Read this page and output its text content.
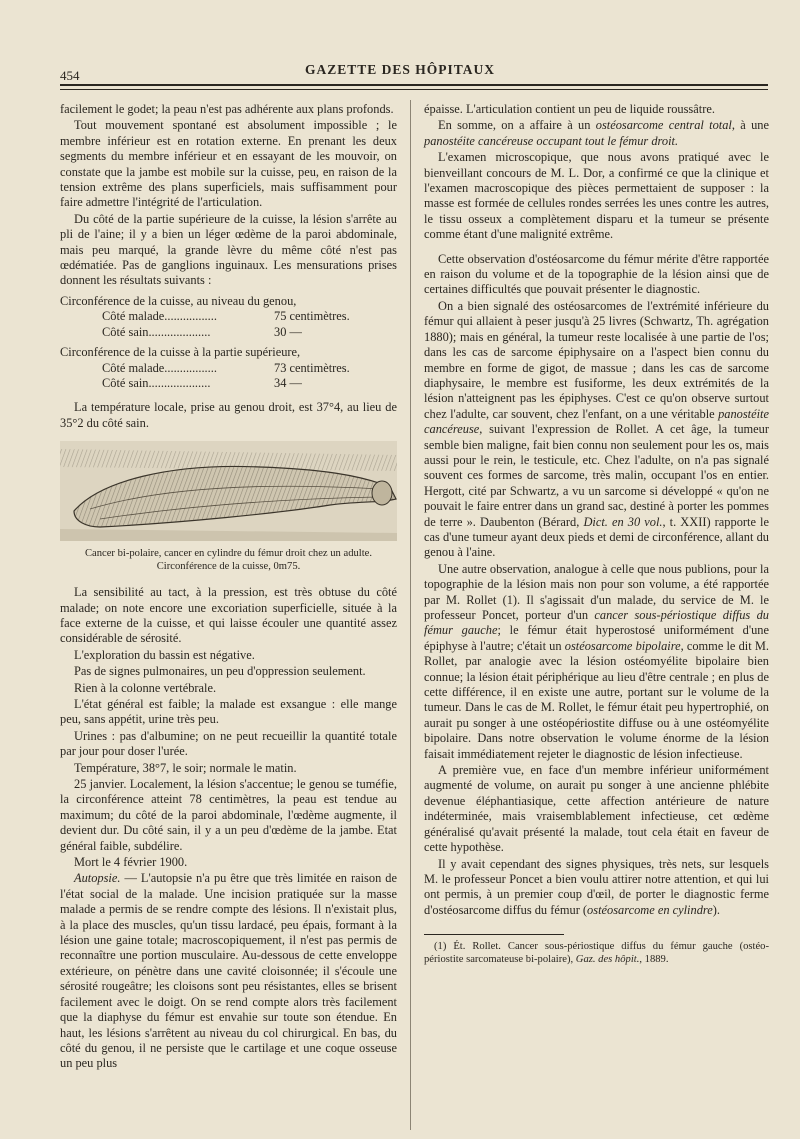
454	GAZETTE DES HÔPITAUX

facilement le godet; la peau n'est pas adhérente aux plans profonds.

Tout mouvement spontané est absolument impossible ; le membre inférieur est en rotation externe. En prenant les deux segments du membre inférieur et en essayant de les mouvoir, on constate que la jambe est mobile sur la cuisse, peu, en raison de la tension extrême des plans superficiels, mais suffisamment pour faire admettre l'intégrité de l'articulation.

Du côté de la partie supérieure de la cuisse, la lésion s'arrête au pli de l'aine; il y a bien un léger œdème de la paroi abdominale, mais peu marqué, la grande lèvre du même côté n'est pas œdématiée. Pas de ganglions inguinaux. Les mensurations prises donnent les résultats suivants :

Circonférence de la cuisse, au niveau du genou,

Côté malade.................	75 centimètres.
Côté sain....................	30 —

Circonférence de la cuisse à la partie supérieure,

Côté malade.................	73 centimètres.
Côté sain....................	34 —

La température locale, prise au genou droit, est 37°4, au lieu de 35°2 du côté sain.

Cancer bi-polaire, cancer en cylindre du fémur droit chez un adulte.
Circonférence de la cuisse, 0m75.

La sensibilité au tact, à la pression, est très obtuse du côté malade; on note encore une excoriation superficielle, située à la face externe de la cuisse, et qui laisse écouler une quantité assez considérable de sérosité.

L'exploration du bassin est négative.

Pas de signes pulmonaires, un peu d'oppression seulement.

Rien à la colonne vertébrale.

L'état général est faible; la malade est exsangue : elle mange peu, sans appétit, urine très peu.

Urines : pas d'albumine; on ne peut recueillir la quantité totale par jour pour doser l'urée.

Température, 38°7, le soir; normale le matin.

25 janvier. Localement, la lésion s'accentue; le genou se tuméfie, la circonférence atteint 78 centimètres, la peau est tendue au maximum; du côté de la paroi abdominale, l'œdème augmente, il devient dur. Du côté sain, il y a un peu d'œdème de la jambe. Etat général faible, subdélire.

Mort le 4 février 1900.

Autopsie. — L'autopsie n'a pu être que très limitée en raison de l'état social de la malade. Une incision pratiquée sur la masse malade a permis de se rendre compte des lésions. Il n'existait plus, à la place des muscles, qu'un tissu lardacé, peu épais, formant à la lésion une gaine totale; macroscopiquement, il n'est pas permis de reconnaître une portion musculaire. Au-dessous de cette enveloppe extérieure, on pénètre dans une cavité cloisonnée; il s'écoule une sérosité rougeâtre; les cloisons sont peu résistantes, elles se brisent facilement avec le doigt. On se rend compte alors très facilement que la diaphyse du fémur est envahie sur toute son étendue. En haut, les lésions s'arrêtent au niveau du col chirurgical. En bas, du côté du genou, il ne persiste que le cartilage et une coque osseuse un peu plus

épaisse. L'articulation contient un peu de liquide roussâtre.

En somme, on a affaire à un ostéosarcome central total, à une panostéite cancéreuse occupant tout le fémur droit.

L'examen microscopique, que nous avons pratiqué avec le bienveillant concours de M. L. Dor, a confirmé ce que la clinique et l'examen macroscopique des pièces permettaient de supposer : la masse est formée de cellules rondes serrées les unes contre les autres, le tissu osseux a complètement disparu et la tumeur se présente comme étant d'une malignité extrême.

Cette observation d'ostéosarcome du fémur mérite d'être rapportée en raison du volume et de la topographie de la lésion ainsi que de certaines difficultés que pouvait présenter le diagnostic.

On a bien signalé des ostéosarcomes de l'extrémité inférieure du fémur qui allaient à peser jusqu'à 25 livres (Schwartz, Th. agrégation 1880); mais en général, la tumeur reste localisée à une partie de l'os; dans les cas de sarcome épiphysaire on a l'aspect bien connu du membre en forme de gigot, de massue ; dans les cas de sarcome diaphysaire, le membre est fusiforme, les deux extrémités de la lésion n'atteignent pas les épiphyses. C'est ce qu'on observe surtout chez l'adulte, car souvent, chez l'enfant, on a une véritable panostéite cancéreuse, suivant l'expression de Rollet. A cet âge, la tumeur semble bien maligne, fait bien connu non seulement pour les os, mais aussi pour le rein, le testicule, etc. Chez l'adulte, on n'a pas signalé souvent ces formes de sarcome, très malin, occupant l'os en entier. Hergott, cité par Schwartz, a vu un sarcome si développé « qu'on ne pouvait le faire entrer dans un grand sac, destiné à porter les pommes de terre ». Daubenton (Bérard, Dict. en 30 vol., t. XXII) rapporte le cas d'une tumeur ayant deux pieds et demi de circonférence, allant du genou à l'aine.

Une autre observation, analogue à celle que nous publions, pour la topographie de la lésion mais non pour son volume, a été rapportée par M. Rollet (1). Il s'agissait d'un malade, du service de M. le professeur Poncet, porteur d'un cancer sous-périostique diffus du fémur gauche; le fémur était hyperostosé uniformément d'une épiphyse à l'autre; c'était un ostéosarcome bipolaire, comme le dit M. Rollet, par analogie avec la lésion ostéomyélite bipolaire bien connue; la lésion était périphérique au lieu d'être centrale ; en plus de cette différence, il en existe une autre, portant sur le volume de la tumeur. Dans le cas de M. Rollet, le fémur était peu hypertrophié, on aurait pu songer à une ostéopériostite diffuse ou à une ostéomyélite bipolaire. Dans notre observation le volume énorme de la lésion faisait immédiatement rejeter le diagnostic de lésion infectieuse.

A première vue, en face d'un membre inférieur uniformément augmenté de volume, on aurait pu songer à une ancienne phlébite devenue éléphantiasique, cette affection antérieure de nature indéterminée, mais vraisemblablement infectieuse, cet œdème généralisé qu'avait présenté la malade, tout cela était en faveur de cette hypothèse.

Il y avait cependant des signes physiques, très nets, sur lesquels M. le professeur Poncet a bien voulu attirer notre attention, et qui lui ont permis, à un premier coup d'œil, de porter le diagnostic ferme d'ostéosarcome diffus du fémur (ostéosarcome en cylindre).

(1) Ét. Rollet. Cancer sous-périostique diffus du fémur gauche (ostéo-périostite sarcomateuse bi-polaire), Gaz. des hôpit., 1889.
